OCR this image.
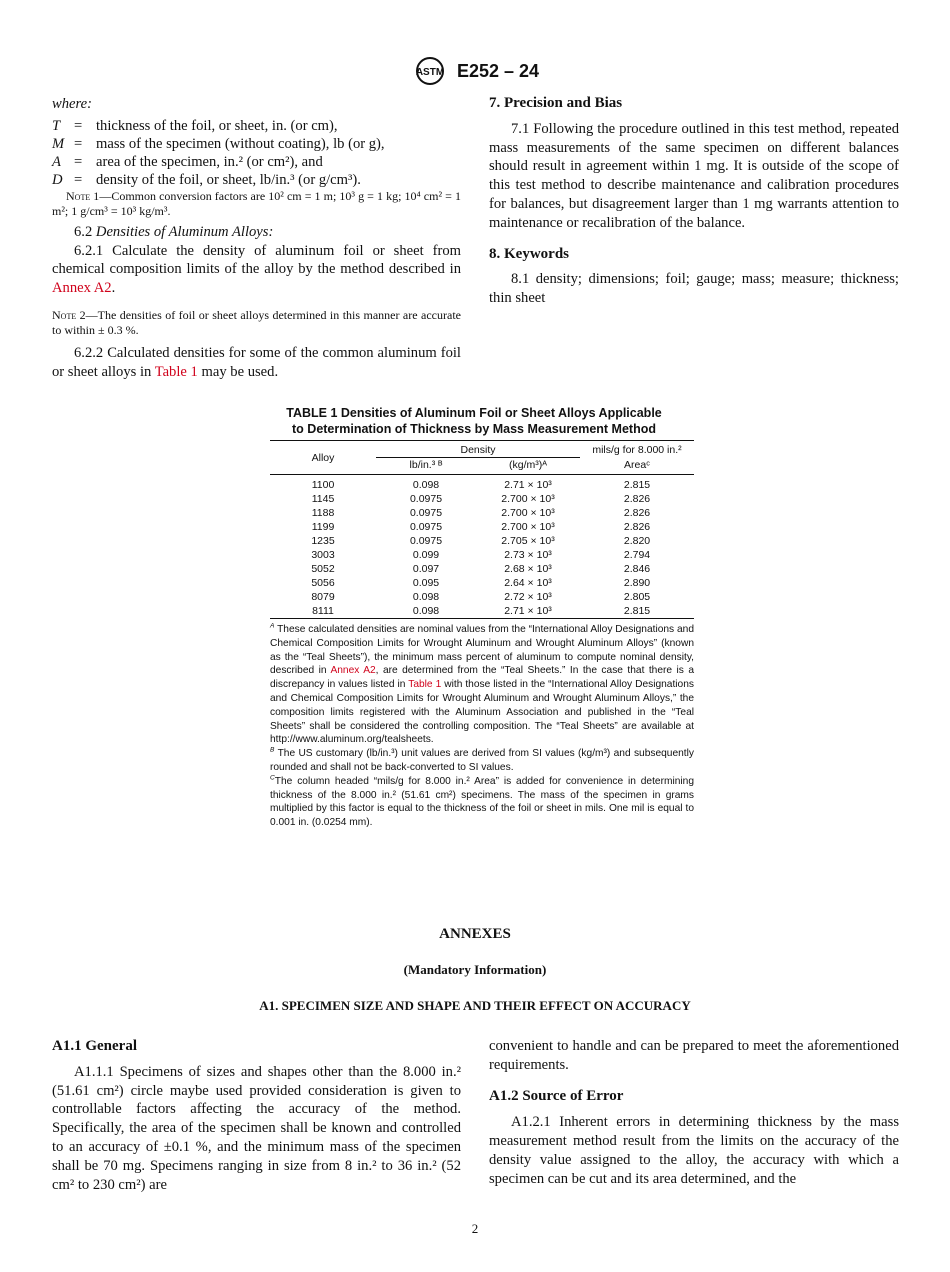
ASTM E252 – 24

where:

T = thickness of the foil, or sheet, in. (or cm),
M = mass of the specimen (without coating), lb (or g),
A = area of the specimen, in.² (or cm²), and
D = density of the foil, or sheet, lb/in.³ (or g/cm³).

Note 1—Common conversion factors are 10² cm = 1 m; 10³ g = 1 kg; 10⁴ cm² = 1 m²; 1 g/cm³ = 10³ kg/m³.

6.2 Densities of Aluminum Alloys:

6.2.1 Calculate the density of aluminum foil or sheet from chemical composition limits of the alloy by the method described in Annex A2.

Note 2—The densities of foil or sheet alloys determined in this manner are accurate to within ± 0.3 %.

6.2.2 Calculated densities for some of the common aluminum foil or sheet alloys in Table 1 may be used.

7. Precision and Bias

7.1 Following the procedure outlined in this test method, repeated mass measurements of the same specimen on different balances should result in agreement within 1 mg. It is outside of the scope of this test method to describe maintenance and calibration procedures for balances, but disagreement larger than 1 mg warrants attention to maintenance or recalibration of the balance.

8. Keywords

8.1 density; dimensions; foil; gauge; mass; measure; thickness; thin sheet

TABLE 1 Densities of Aluminum Foil or Sheet Alloys Applicable
to Determination of Thickness by Mass Measurement Method
Alloy	Density		mils/g for 8.000 in.²
	lb/in.³ ᴮ	(kg/m³)ᴬ	Areaᶜ
1100	0.098	2.71 × 10³	2.815
1145	0.0975	2.700 × 10³	2.826
1188	0.0975	2.700 × 10³	2.826
1199	0.0975	2.700 × 10³	2.826
1235	0.0975	2.705 × 10³	2.820
3003	0.099	2.73 × 10³	2.794
5052	0.097	2.68 × 10³	2.846
5056	0.095	2.64 × 10³	2.890
8079	0.098	2.72 × 10³	2.805
8111	0.098	2.71 × 10³	2.815

$^A$ These calculated densities are nominal values from the “International Alloy Designations and Chemical Composition Limits for Wrought Aluminum and Wrought Aluminum Alloys” (known as the “Teal Sheets”), the minimum mass percent of aluminum to compute nominal density, described in Annex A2, are determined from the “Teal Sheets.” In the case that there is a discrepancy in values listed in Table 1 with those listed in the “International Alloy Designations and Chemical Composition Limits for Wrought Aluminum and Wrought Aluminum Alloys,” the composition limits registered with the Aluminum Association and published in the “Teal Sheets” shall be considered the controlling composition. The “Teal Sheets” are available at http://www.aluminum.org/tealsheets.

$^B$ The US customary (lb/in.³) unit values are derived from SI values (kg/m³) and subsequently rounded and shall not be back-converted to SI values.

$^C$The column headed “mils/g for 8.000 in.² Area” is added for convenience in determining thickness of the 8.000 in.² (51.61 cm²) specimens. The mass of the specimen in grams multiplied by this factor is equal to the thickness of the foil or sheet in mils. One mil is equal to 0.001 in. (0.0254 mm).

ANNEXES
(Mandatory Information)
A1. SPECIMEN SIZE AND SHAPE AND THEIR EFFECT ON ACCURACY
A1.1 General

A1.1.1 Specimens of sizes and shapes other than the 8.000 in.² (51.61 cm²) circle maybe used provided consideration is given to controllable factors affecting the accuracy of the method. Specifically, the area of the specimen shall be known and controlled to an accuracy of ±0.1 %, and the minimum mass of the specimen shall be 70 mg. Specimens ranging in size from 8 in.² to 36 in.² (52 cm² to 230 cm²) are

convenient to handle and can be prepared to meet the aforementioned requirements.

A1.2 Source of Error

A1.2.1 Inherent errors in determining thickness by the mass measurement method result from the limits on the accuracy of the density value assigned to the alloy, the accuracy with which a specimen can be cut and its area determined, and the

2
